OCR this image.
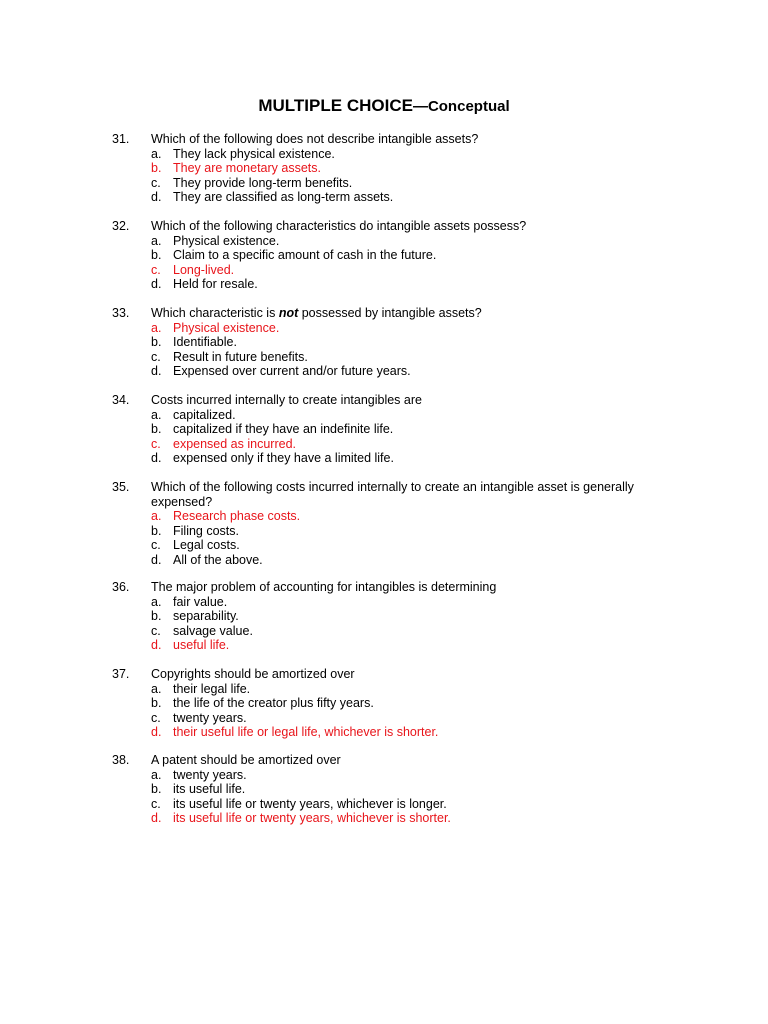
MULTIPLE CHOICE—Conceptual
31.	Which of the following does not describe intangible assets?
a. They lack physical existence.
b. They are monetary assets.
c. They provide long-term benefits.
d. They are classified as long-term assets.
32.	Which of the following characteristics do intangible assets possess?
a. Physical existence.
b. Claim to a specific amount of cash in the future.
c. Long-lived.
d. Held for resale.
33.	Which characteristic is not possessed by intangible assets?
a. Physical existence.
b. Identifiable.
c. Result in future benefits.
d. Expensed over current and/or future years.
34.	Costs incurred internally to create intangibles are
a. capitalized.
b. capitalized if they have an indefinite life.
c. expensed as incurred.
d. expensed only if they have a limited life.
35.	Which of the following costs incurred internally to create an intangible asset is generally expensed?
a. Research phase costs.
b. Filing costs.
c. Legal costs.
d. All of the above.
36.	The major problem of accounting for intangibles is determining
a. fair value.
b. separability.
c. salvage value.
d. useful life.
37.	Copyrights should be amortized over
a. their legal life.
b. the life of the creator plus fifty years.
c. twenty years.
d. their useful life or legal life, whichever is shorter.
38.	A patent should be amortized over
a. twenty years.
b. its useful life.
c. its useful life or twenty years, whichever is longer.
d. its useful life or twenty years, whichever is shorter.
